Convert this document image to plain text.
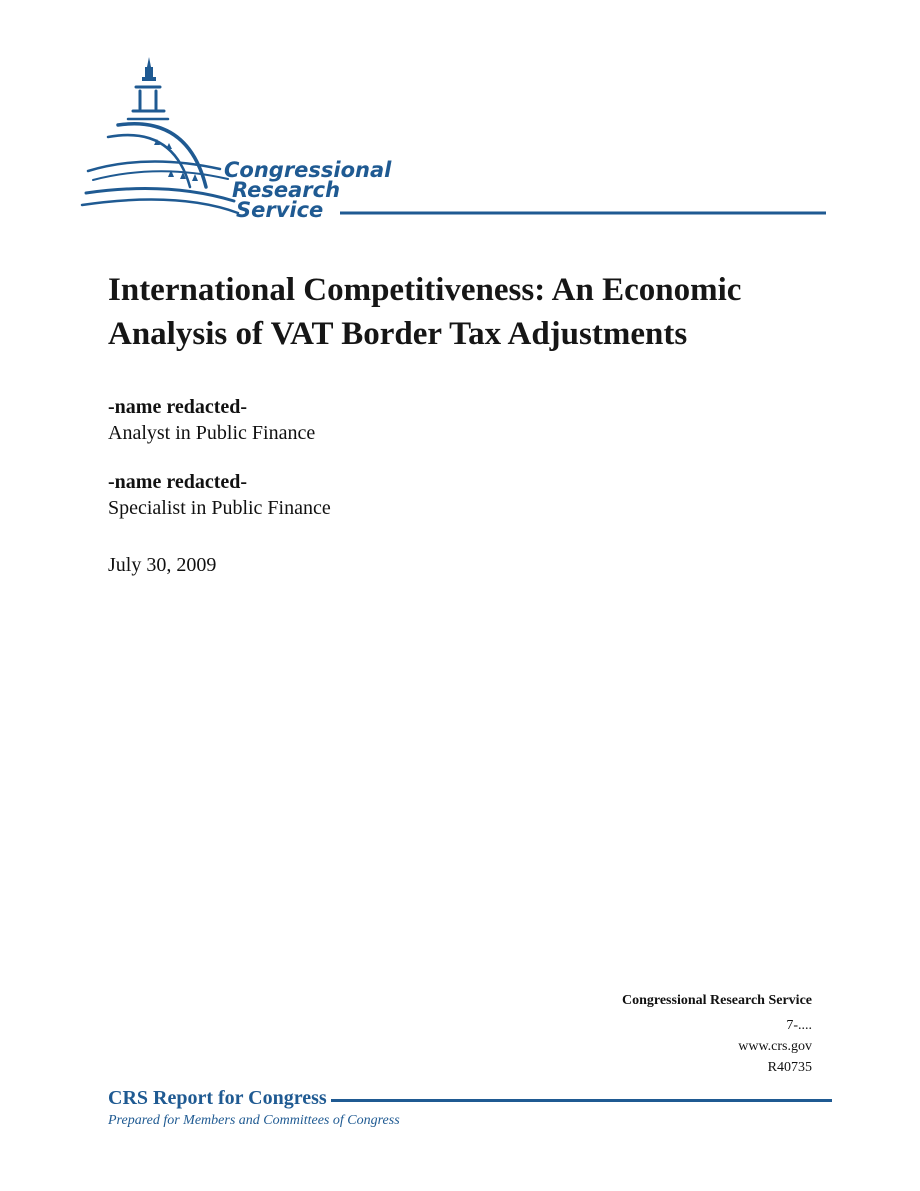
Congressional
Research
Service
International Competitiveness: An Economic Analysis of VAT Border Tax Adjustments
-name redacted-
Analyst in Public Finance
-name redacted-
Specialist in Public Finance
July 30, 2009
Congressional Research Service
7-....
www.crs.gov
R40735
CRS Report for Congress
Prepared for Members and Committees of Congress
